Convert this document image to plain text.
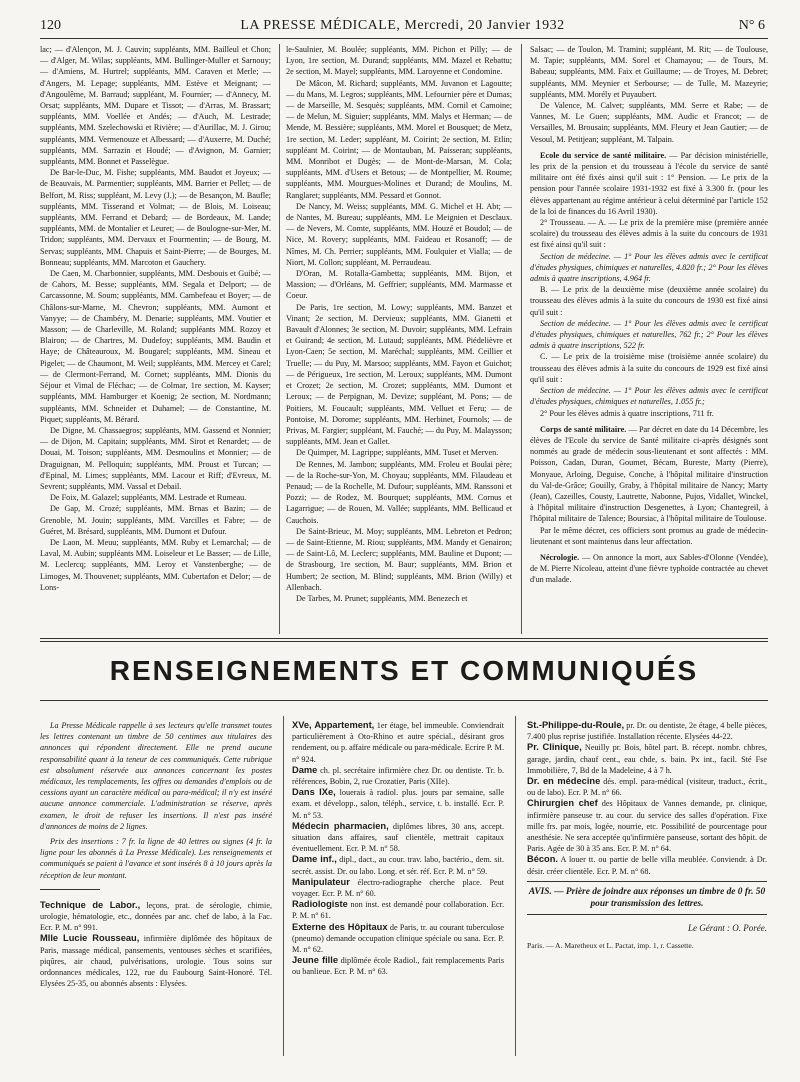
120	LA PRESSE MÉDICALE, Mercredi, 20 Janvier 1932	N° 6

lac; — d'Alençon, M. J. Cauvin; suppléants, MM. Bailleul et Chon; — d'Alger, M. Wilas; suppléants, MM. Bullinger-Muller et Sarnouy; — d'Amiens, M. Hurtrel; suppléants, MM. Caraven et Merle; — d'Angers, M. Lepage; suppléants, MM. Estève et Meignant; — d'Angoulême, M. Barraud; suppléant, M. Fournier; — d'Annecy, M. Orsat; suppléants, MM. Dupare et Tissot; — d'Arras, M. Brassart; suppléants, MM. Voellée et Andés; — d'Auch, M. Lestrade; suppléants, MM. Szelechowski et Rivière; — d'Aurillac, M. J. Girou; suppléants, MM. Vermenouze et Albessard; — d'Auxerre, M. Duché; suppléants, MM. Sarrazin et Houdé; — d'Avignon, M. Garnier; suppléants, MM. Bonnet et Passelègue.

De Bar-le-Duc, M. Fishe; suppléants, MM. Baudot et Joyeux; — de Beauvais, M. Parmentier; suppléants, MM. Barrier et Pellet; — de Belfort, M. Riss; suppléant, M. Levy (J.); — de Besançon, M. Baufle; suppléants, MM. Tisserand et Volmat; — de Blois, M. Loiseau; suppléants, MM. Ferrand et Debard; — de Bordeaux, M. Lande; suppléants, MM. de Montalier et Leuret; — de Boulogne-sur-Mer, M. Tridon; suppléants, MM. Dervaux et Fourmentin; — de Bourg, M. Servas; suppléants, MM. Chapuis et Saint-Pierre; — de Bourges, M. Bonneau; suppléants, MM. Marcoton et Gauchery.

De Caen, M. Charbonnier, suppléants, MM. Desbouis et Guibé; — de Cahors, M. Besse; suppléants, MM. Segala et Delport; — de Carcassonne, M. Soum; suppléants, MM. Cambefeau et Boyer; — de Châlons-sur-Marne, M. Chevron; suppléants, MM. Aumont et Vanyye; — de Chambéry, M. Denarie; suppléants, MM. Voutier et Masson; — de Charleville, M. Roland; suppléants MM. Rozoy et Blairon; — de Chartres, M. Dudefoy; suppléants, MM. Baudin et Haye; de Châteauroux, M. Bougarel; suppléants, MM. Sineau et Pigelet; — de Chaumont, M. Weil; suppléants, MM. Mercey et Carel; — de Clermont-Ferrand, M. Cornet; suppléants, MM. Dionis du Séjour et Vimal de Fléchac; — de Colmar, 1re section, M. Kayser; suppléants, MM. Hamburger et Koenig; 2e section, M. Nordmann; suppléants, MM. Schneider et Duhamel; — de Constantine, M. Piquet; suppléants, M. Bérard.

De Digne, M. Chassaegros; suppléants, MM. Gassend et Nonnier; — de Dijon, M. Capitain; suppléants, MM. Sirot et Renardet; — de Douai, M. Toison; suppléants, MM. Desmoulins et Monnier; — de Draguignan, M. Pelloquin; suppléants, MM. Proust et Turcan; — d'Epinal, M. Limes; suppléants, MM. Lacour et Riff; d'Evreux, M. Sevrent; suppléants, MM. Vassal et Debail.

De Foix, M. Galazel; suppléants, MM. Lestrade et Rumeau.

De Gap, M. Crozé; suppléants, MM. Brnas et Bazin; — de Grenoble, M. Jouin; suppléants, MM. Varcilles et Fabre; — de Guéret, M. Brésard, suppléants, MM. Dumont et Dufour.

De Laon, M. Meuu; suppléants, MM. Ruby et Lemarchal; — de Laval, M. Aubin; suppléants MM. Loiseleur et Le Basser; — de Lille, M. Leclercq; suppléants, MM. Leroy et Vanstenberghe; — de Limoges, M. Thouvenet; suppléants, MM. Cubertafon et Delor; — de Lons-

le-Saulnier, M. Boulée; suppléants, MM. Pichon et Pilly; — de Lyon, 1re section, M. Durand; suppléants, MM. Mazel et Rebattu; 2e section, M. Mayel; suppléants, MM. Laroyenne et Condomine.

De Mâcon, M. Richard; suppléants, MM. Juvanon et Lagoutte; — du Mans, M. Legros; suppléants, MM. Lefournier père et Dumas; — de Marseille, M. Sesquès; suppléants, MM. Cornil et Camoine; — de Melun, M. Siguier; suppléants, MM. Malys et Herman; — de Mende, M. Bessière; suppléants, MM. Morel et Bousquet; de Metz, 1re section, M. Leder; suppléant, M. Coirint; 2e section, M. Etlin; suppléant M. Coirint; — de Montauban, M. Paisseran; suppléants, MM. Monribot et Dugès; — de Mont-de-Marsan, M. Cola; suppléants, MM. d'Users et Betous; — de Montpellier, M. Roume; suppléants, MM. Mourgues-Molines et Durand; de Moulins, M. Ranglaret; suppléants, MM. Pessard et Gonnot.

De Nancy, M. Weiss; suppléants, MM. G. Michel et H. Abt; — de Nantes, M. Bureau; suppléants, MM. Le Meignien et Desclaux. — de Nevers, M. Comte, suppléants, MM. Houzé et Boudol; — de Nice, M. Rovery; suppléants, MM. Faideau et Rosanoff; — de Nîmes, M. Ch. Perrier; suppléants, MM. Foulquier et Vialla; — de Niort, M. Collon; suppléant, M. Perraudeau.

D'Oran, M. Rotalla-Gambetta; suppléants, MM. Bijon, et Massion; — d'Orléans, M. Geffrier; suppléants, MM. Marmasse et Coeur.

De Paris, 1re section, M. Lowy; suppléants, MM. Banzet et Vinant; 2e section, M. Dervieux; suppléants, MM. Gianetti et Bavault d'Alonnes; 3e section, M. Duvoir; suppléants, MM. Lefrain et Guirand; 4e section, M. Lutaud; suppléants, MM. Piédelièvre et Lyon-Caen; 5e section, M. Maréchal; suppléants, MM. Ceillier et Truelle; — du Puy, M. Marsoo; suppléants, MM. Fayon et Guichot; — de Périgueux, 1re section, M. Leroux; suppléants, MM. Dumont et Crozet; 2e section, M. Crozet; suppléants, MM. Dumont et Leroux; — de Perpignan, M. Devize; suppléant, M. Pons; — de Poitiers, M. Foucault; suppléants, MM. Velluet et Feru; — de Pontoise, M. Dorome; suppléants, MM. Herbinet, Fournols; — de Privas, M. Fargier; suppléant, M. Fauché; — du Puy, M. Malaysson; suppléants, MM. Jean et Gallet.

De Quimper, M. Lagrippe; suppléants, MM. Tuset et Merven.

De Rennes, M. Jambon; suppléants, MM. Froleu et Boulai père; — de la Roche-sur-Yon, M. Choyau; suppléants, MM. Filaudeau et Penaud; — de la Rochelle, M. Dufour; suppléants, MM. Ranssoni et Pozzi; — de Rodez, M. Bourquet; suppléants, MM. Cornus et Lagarrigue; — de Rouen, M. Vallée; suppléants, MM. Bellicaud et Cauchois.

De Saint-Brieuc, M. Moy; suppléants, MM. Lebreton et Pedron; — de Saint-Etienne, M. Riou; suppléants, MM. Mandy et Genairon; — de Saint-Lô, M. Leclerc; suppléants, MM. Bauline et Dupont; — de Strasbourg, 1re section, M. Baur; suppléants, MM. Brion et Humbert; 2e section, M. Blind; suppléants, MM. Brion (Willy) et Allenbach.

De Tarbes, M. Prunet; suppléants, MM. Benezech et

Salsac; — de Toulon, M. Tramini; suppléant, M. Rit; — de Toulouse, M. Tapie; suppléants, MM. Sorel et Chamayou; — de Tours, M. Babeau; suppléants, MM. Faix et Guillaume; — de Troyes, M. Debret; suppléants, MM. Meynier et Serbourse; — de Tulle, M. Mazeyrie; suppléants, MM. Morély et Puyaubert.

De Valence, M. Calvet; suppléants, MM. Serre et Rabe; — de Vannes, M. Le Guen; suppléants, MM. Audic et Francot; — de Versailles, M. Brousain; suppléants, MM. Fleury et Jean Gautier; — de Vesoul, M. Petitjean; suppléant, M. Talpain.

Ecole du service de santé militaire. — Par décision ministérielle, les prix de la pension et du trousseau à l'école du service de santé militaire ont été fixés ainsi qu'il suit : 1° Pension. — Le prix de la pension pour l'année scolaire 1931-1932 est fixé à 3.300 fr. (pour les élèves appartenant au régime antérieur à celui déterminé par l'article 152 de la loi de finances du 16 Avril 1930).

2° Trousseau. — A. — Le prix de la première mise (première année scolaire) du trousseau des élèves admis à la suite du concours de 1931 est fixé ainsi qu'il suit :

Section de médecine. — 1° Pour les élèves admis avec le certificat d'études physiques, chimiques et naturelles, 4.820 fr.; 2° Pour les élèves admis à quatre inscriptions, 4.964 fr.

B. — Le prix de la deuxième mise (deuxième année scolaire) du trousseau des élèves admis à la suite du concours de 1930 est fixé ainsi qu'il suit :

Section de médecine. — 1° Pour les élèves admis avec le certificat d'études physiques, chimiques et naturelles, 762 fr.; 2° Pour les élèves admis à quatre inscriptions, 522 fr.

C. — Le prix de la troisième mise (troisième année scolaire) du trousseau des élèves admis à la suite du concours de 1929 est fixé ainsi qu'il suit :

Section de médecine. — 1° Pour les élèves admis avec le certificat d'études physiques, chimiques et naturelles, 1.055 fr.;

2° Pour les élèves admis à quatre inscriptions, 711 fr.

Corps de santé militaire. — Par décret en date du 14 Décembre, les élèves de l'Ecole du service de Santé militaire ci-après désignés sont nommés au grade de médecin sous-lieutenant et sont affectés : MM. Poisson, Cadan, Duran, Goumet, Bécam, Bureste, Marty (Pierre), Monyaue, Arloing, Deguise, Conche, à l'hôpital militaire d'instruction du Val-de-Grâce; Gouilly, Graby, à l'hôpital militaire de Nancy; Marty (Jean), Cazeilles, Cousty, Lautrette, Nabonne, Pujos, Vidallet, Winckel, à l'hôpital militaire d'instruction Desgenettes, à Lyon; Chantegreil, à l'hôpital militaire de Talence; Boursiac, à l'hôpital militaire de Toulouse.

Par le même décret, ces officiers sont promus au grade de médecin-lieutenant et sont maintenus dans leur affectation.

Nécrologie. — On annonce la mort, aux Sables-d'Olonne (Vendée), de M. Pierre Nicoleau, atteint d'une fièvre typhoïde contractée au chevet d'un malade.

RENSEIGNEMENTS ET COMMUNIQUÉS

La Presse Médicale rappelle à ses lecteurs qu'elle transmet toutes les lettres contenant un timbre de 50 centimes aux titulaires des annonces qui répondent directement. Elle ne prend aucune responsabilité quant à la teneur de ces communiqués. Cette rubrique est absolument réservée aux annonces concernant les postes médicaux, les remplacements, les offres ou demandes d'emplois ou de cessions ayant un caractère médical ou para-médical; il n'y est inséré aucune annonce commerciale. L'administration se réserve, après examen, le droit de refuser les insertions. Il n'est pas inséré d'annonces de moins de 2 lignes.

Prix des insertions : 7 fr. la ligne de 40 lettres ou signes (4 fr. la ligne pour les abonnés à La Presse Médicale). Les renseignements et communiqués se paient à l'avance et sont insérés 8 à 10 jours après la réception de leur montant.

Technique de Labor., leçons, prat. de sérologie, chimie, urologie, hématologie, etc., données par anc. chef de labo, à la Fac. Ecr. P. M. n° 991.

Mlle Lucie Rousseau, infirmière diplômée des hôpitaux de Paris, massage médical, pansements, ventouses sèches et scarifiées, piqûres, air chaud, pulvérisations, urologie. Tous soins sur ordonnances médicales, 122, rue du Faubourg Saint-Honoré. Tél. Elysées 25-35, ou abonnés absents : Elysées.

XVe, Appartement, 1er étage, bel immeuble. Conviendrait particulièrement à Oto-Rhino et autre spécial., désirant gros rendement, ou p. affaire médicale ou para-médicale. Ecrire P. M. n° 924.

Dame ch. pl. secrétaire infirmière chez Dr. ou dentiste. Tr. b. références, Bobin, 2, rue Crozatier, Paris (XIIe).

Dans IXe, louerais à radiol. plus. jours par semaine, salle exam. et développ., salon, téléph., service, t. b. installé. Ecr. P. M. n° 53.

Médecin pharmacien, diplômes libres, 30 ans, accept. situation dans affaires, sauf clientèle, mettrait capitaux éventuellement. Ecr. P. M. n° 58.

Dame inf., dipl., dact., au cour. trav. labo, bactério., dem. sit. secrét. assist. Dr. ou labo. Long. et sér. réf. Ecr. P. M. n° 59.

Manipulateur électro-radiographe cherche place. Peut voyager. Ecr. P. M. n° 60.

Radiologiste non inst. est demandé pour collaboration. Ecr. P. M. n° 61.

Externe des Hôpitaux de Paris, tr. au courant tuberculose (pneumo) demande occupation clinique spéciale ou sana. Ecr. P. M. n° 62.

Jeune fille diplômée école Radiol., fait remplacements Paris ou banlieue. Ecr. P. M. n° 63.

St.-Philippe-du-Roule, pr. Dr. ou dentiste, 2e étage, 4 belle pièces, 7.400 plus reprise justifiée. Installation récente. Elysées 44-22.

Pr. Clinique, Neuilly pr. Bois, hôtel part. B. récept. nombr. chbres, garage, jardin, chauf cent., eau chde, s. bain. Px int., facil. Sté Fse Immobilière, 7, Bd de la Madeleine, 4 à 7 h.

Dr. en médecine dés. empl. para-médical (visiteur, traduct., écrit., ou de labo). Ecr. P. M. n° 66.

Chirurgien chef des Hôpitaux de Vannes demande, pr. clinique, infirmière panseuse tr. au cour. du service des salles d'opération. Fixe mille frs. par mois, logée, nourrie, etc. Possibilité de pourcentage pour anesthésie. Ne sera acceptée qu'infirmière panseuse, sortant des hôpit. de Paris. Agée de 30 à 35 ans. Ecr. P. M. n° 64.

Bécon. A louer tt. ou partie de belle villa meublée. Conviendr. à Dr. désir. créer clientèle. Ecr. P. M. n° 68.

AVIS. — Prière de joindre aux réponses un timbre de 0 fr. 50 pour transmission des lettres.
Le Gérant : O. Porée.
Paris. — A. Maretheux et L. Pactat, imp. 1, r. Cassette.
